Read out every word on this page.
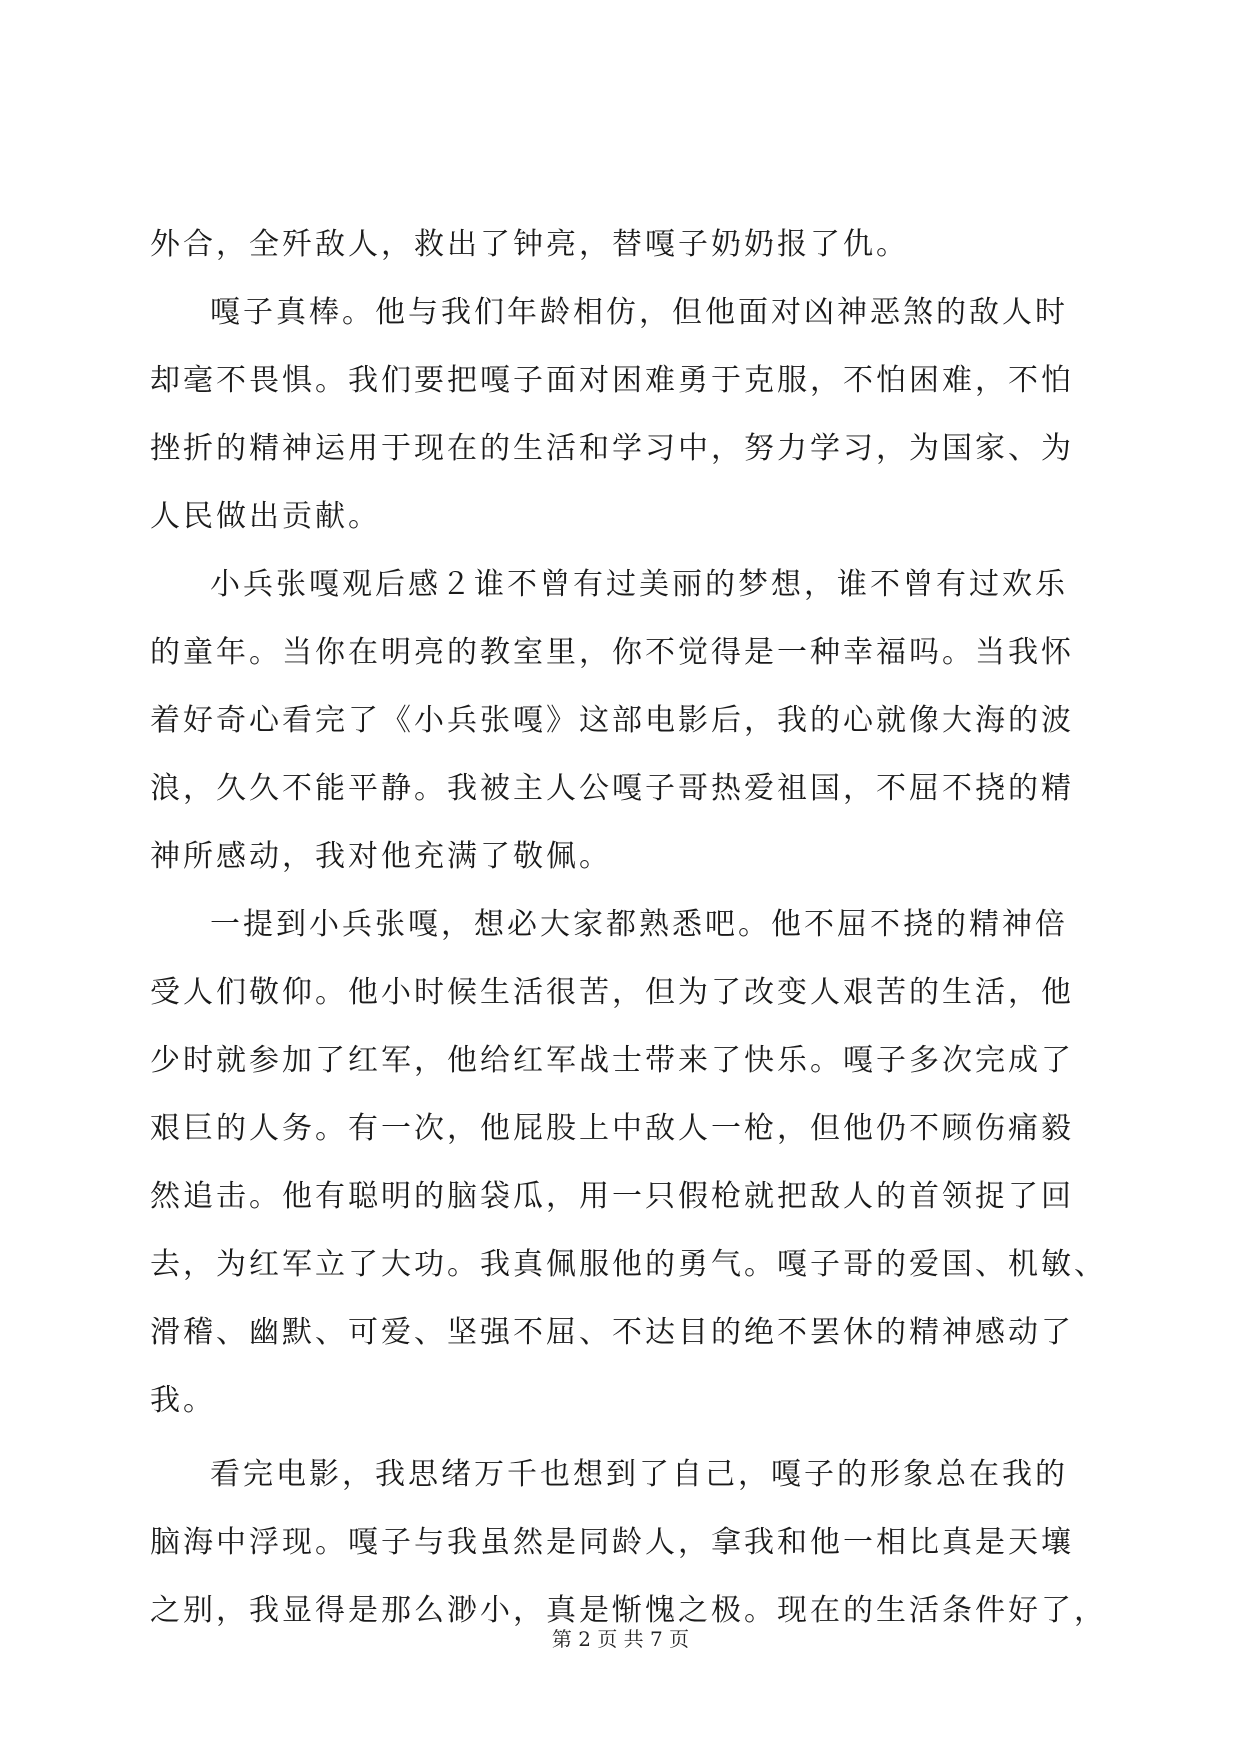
外合，全歼敌人，救出了钟亮，替嘎子奶奶报了仇。
嘎子真棒。他与我们年龄相仿，但他面对凶神恶煞的敌人时
却毫不畏惧。我们要把嘎子面对困难勇于克服，不怕困难，不怕
挫折的精神运用于现在的生活和学习中，努力学习，为国家、为
人民做出贡献。
小兵张嘎观后感２谁不曾有过美丽的梦想，谁不曾有过欢乐
的童年。当你在明亮的教室里，你不觉得是一种幸福吗。当我怀
着好奇心看完了《小兵张嘎》这部电影后，我的心就像大海的波
浪，久久不能平静。我被主人公嘎子哥热爱祖国，不屈不挠的精
神所感动，我对他充满了敬佩。
一提到小兵张嘎，想必大家都熟悉吧。他不屈不挠的精神倍
受人们敬仰。他小时候生活很苦，但为了改变人艰苦的生活，他
少时就参加了红军，他给红军战士带来了快乐。嘎子多次完成了
艰巨的人务。有一次，他屁股上中敌人一枪，但他仍不顾伤痛毅
然追击。他有聪明的脑袋瓜，用一只假枪就把敌人的首领捉了回
去，为红军立了大功。我真佩服他的勇气。嘎子哥的爱国、机敏、
滑稽、幽默、可爱、坚强不屈、不达目的绝不罢休的精神感动了
我。
看完电影，我思绪万千也想到了自己，嘎子的形象总在我的
脑海中浮现。嘎子与我虽然是同龄人，拿我和他一相比真是天壤
之别，我显得是那么渺小，真是惭愧之极。现在的生活条件好了，
第 2 页 共 7 页
